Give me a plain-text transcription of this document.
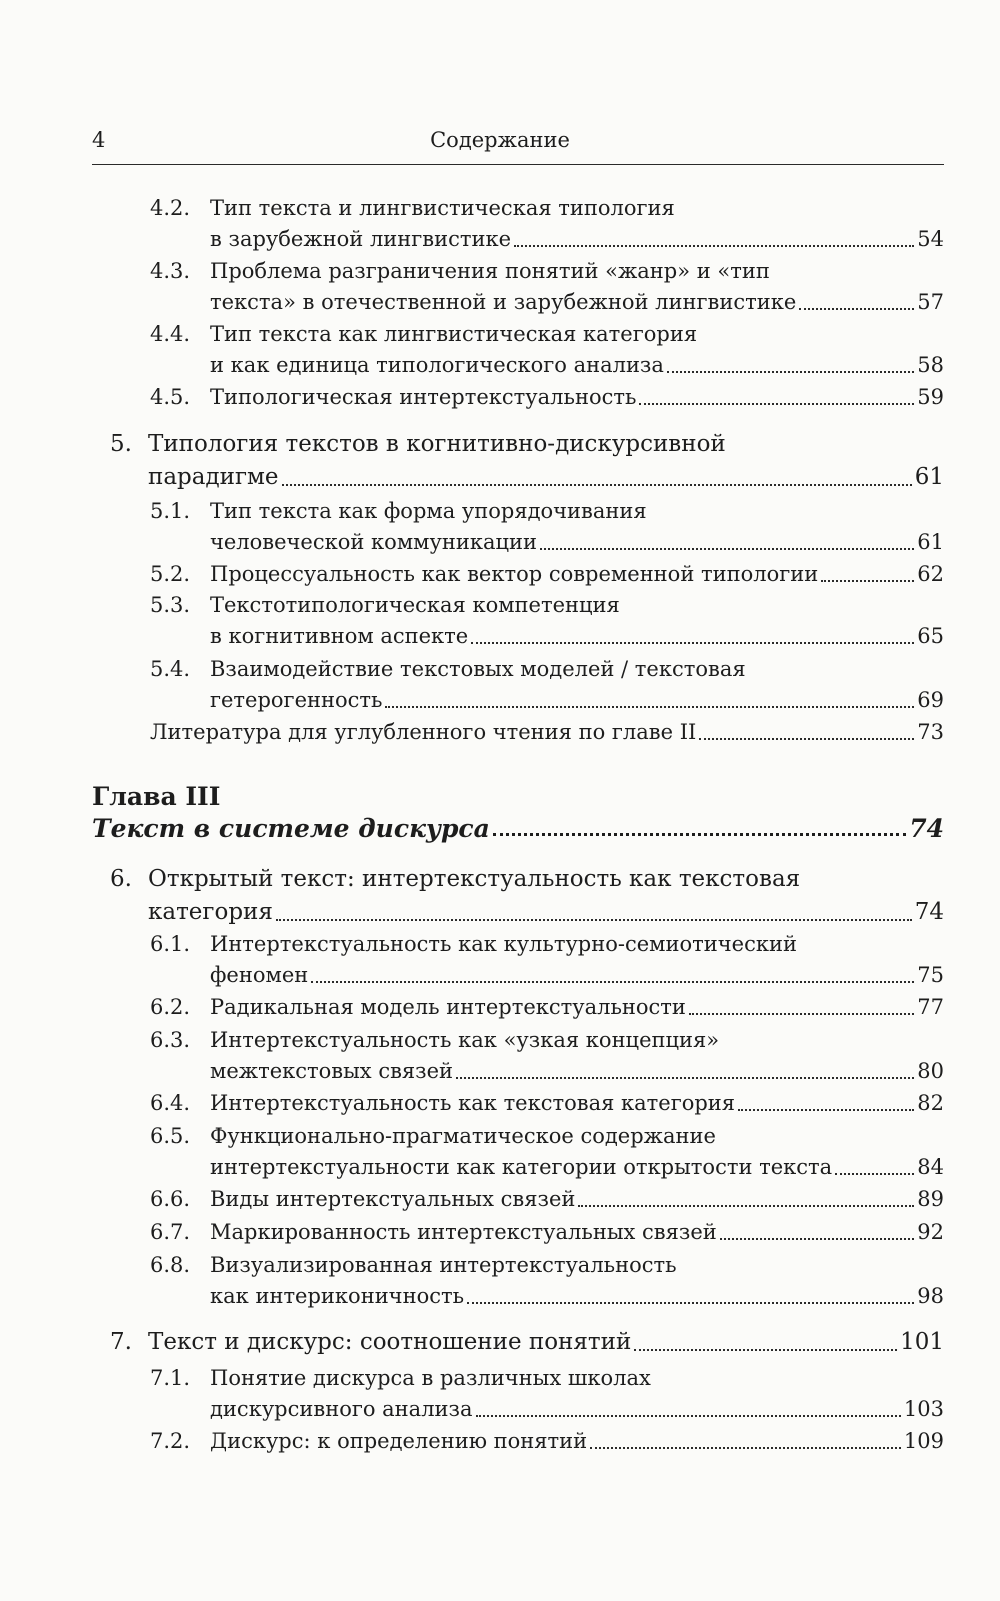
4	Содержание
4.2. Тип текста и лингвистическая типология
в зарубежной лингвистике	54
4.3. Проблема разграничения понятий «жанр» и «тип
текста» в отечественной и зарубежной лингвистике	57
4.4. Тип текста как лингвистическая категория
и как единица типологического анализа	58
4.5. Типологическая интертекстуальность	59
5. Типология текстов в когнитивно-дискурсивной
парадигме	61
5.1. Тип текста как форма упорядочивания
человеческой коммуникации	61
5.2. Процессуальность как вектор современной типологии	62
5.3. Текстотипологическая компетенция
в когнитивном аспекте	65
5.4. Взаимодействие текстовых моделей / текстовая
гетерогенность	69
Литература для углубленного чтения по главе II	73
Глава III
Текст в системе дискурса	74
6. Открытый текст: интертекстуальность как текстовая
категория	74
6.1. Интертекстуальность как культурно-семиотический
феномен	75
6.2. Радикальная модель интертекстуальности	77
6.3. Интертекстуальность как «узкая концепция»
межтекстовых связей	80
6.4. Интертекстуальность как текстовая категория	82
6.5. Функционально-прагматическое содержание
интертекстуальности как категории открытости текста	84
6.6. Виды интертекстуальных связей	89
6.7. Маркированность интертекстуальных связей	92
6.8. Визуализированная интертекстуальность
как интериконичность	98
7. Текст и дискурс: соотношение понятий	101
7.1. Понятие дискурса в различных школах
дискурсивного анализа	103
7.2. Дискурс: к определению понятий	109
